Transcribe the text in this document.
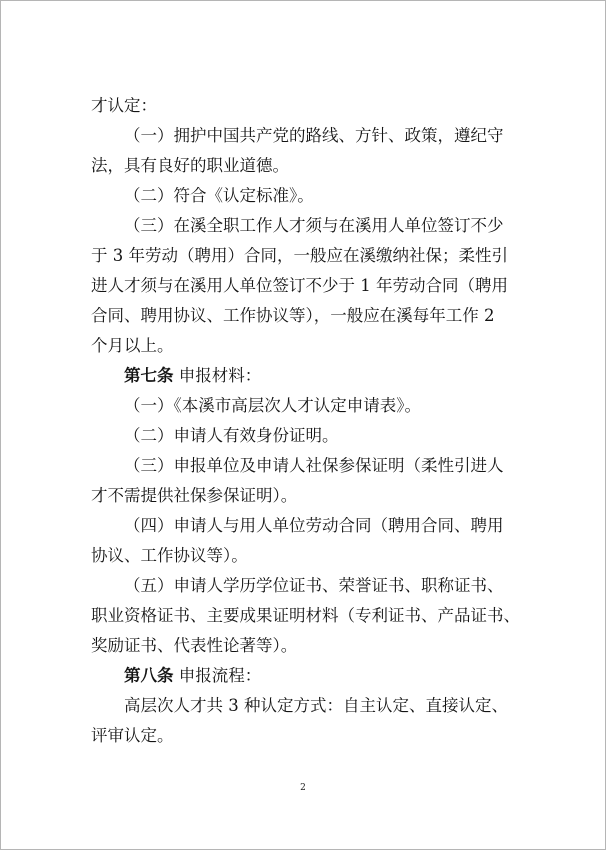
才认定：
（一）拥护中国共产党的路线、方针、政策，遵纪守
法，具有良好的职业道德。
（二）符合《认定标准》。
（三）在溪全职工作人才须与在溪用人单位签订不少
于 3 年劳动（聘用）合同，一般应在溪缴纳社保；柔性引
进人才须与在溪用人单位签订不少于 1 年劳动合同（聘用
合同、聘用协议、工作协议等），一般应在溪每年工作 2
个月以上。
第七条 申报材料：
（一）《本溪市高层次人才认定申请表》。
（二）申请人有效身份证明。
（三）申报单位及申请人社保参保证明（柔性引进人
才不需提供社保参保证明）。
（四）申请人与用人单位劳动合同（聘用合同、聘用
协议、工作协议等）。
（五）申请人学历学位证书、荣誉证书、职称证书、
职业资格证书、主要成果证明材料（专利证书、产品证书、
奖励证书、代表性论著等）。
第八条 申报流程：
高层次人才共 3 种认定方式：自主认定、直接认定、
评审认定。
2
